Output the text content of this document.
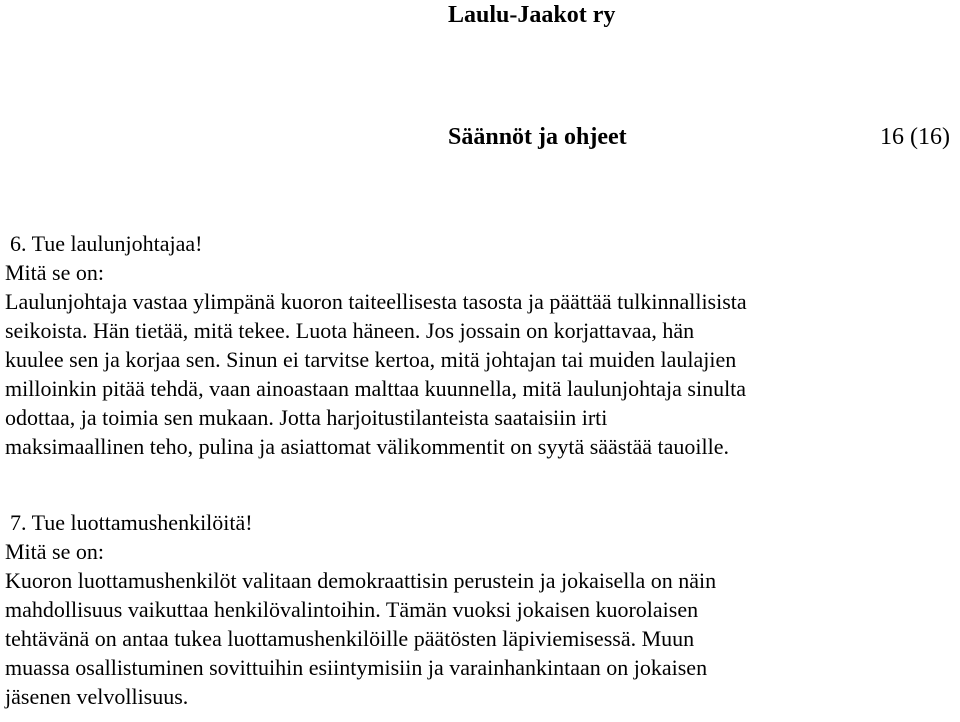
Laulu-Jaakot ry
Säännöt ja ohjeet	16 (16)

6. Tue laulunjohtajaa!

Mitä se on:

Laulunjohtaja vastaa ylimpänä kuoron taiteellisesta tasosta ja päättää tulkinnallisista

seikoista. Hän tietää, mitä tekee. Luota häneen. Jos jossain on korjattavaa, hän

kuulee sen ja korjaa sen. Sinun ei tarvitse kertoa, mitä johtajan tai muiden laulajien

milloinkin pitää tehdä, vaan ainoastaan malttaa kuunnella, mitä laulunjohtaja sinulta

odottaa, ja toimia sen mukaan. Jotta harjoitustilanteista saataisiin irti

maksimaallinen teho, pulina ja asiattomat välikommentit on syytä säästää tauoille.

7. Tue luottamushenkilöitä!

Mitä se on:

Kuoron luottamushenkilöt valitaan demokraattisin perustein ja jokaisella on näin

mahdollisuus vaikuttaa henkilövalintoihin. Tämän vuoksi jokaisen kuorolaisen

tehtävänä on antaa tukea luottamushenkilöille päätösten läpiviemisessä. Muun

muassa osallistuminen sovittuihin esiintymisiin ja varainhankintaan on jokaisen

jäsenen velvollisuus.
